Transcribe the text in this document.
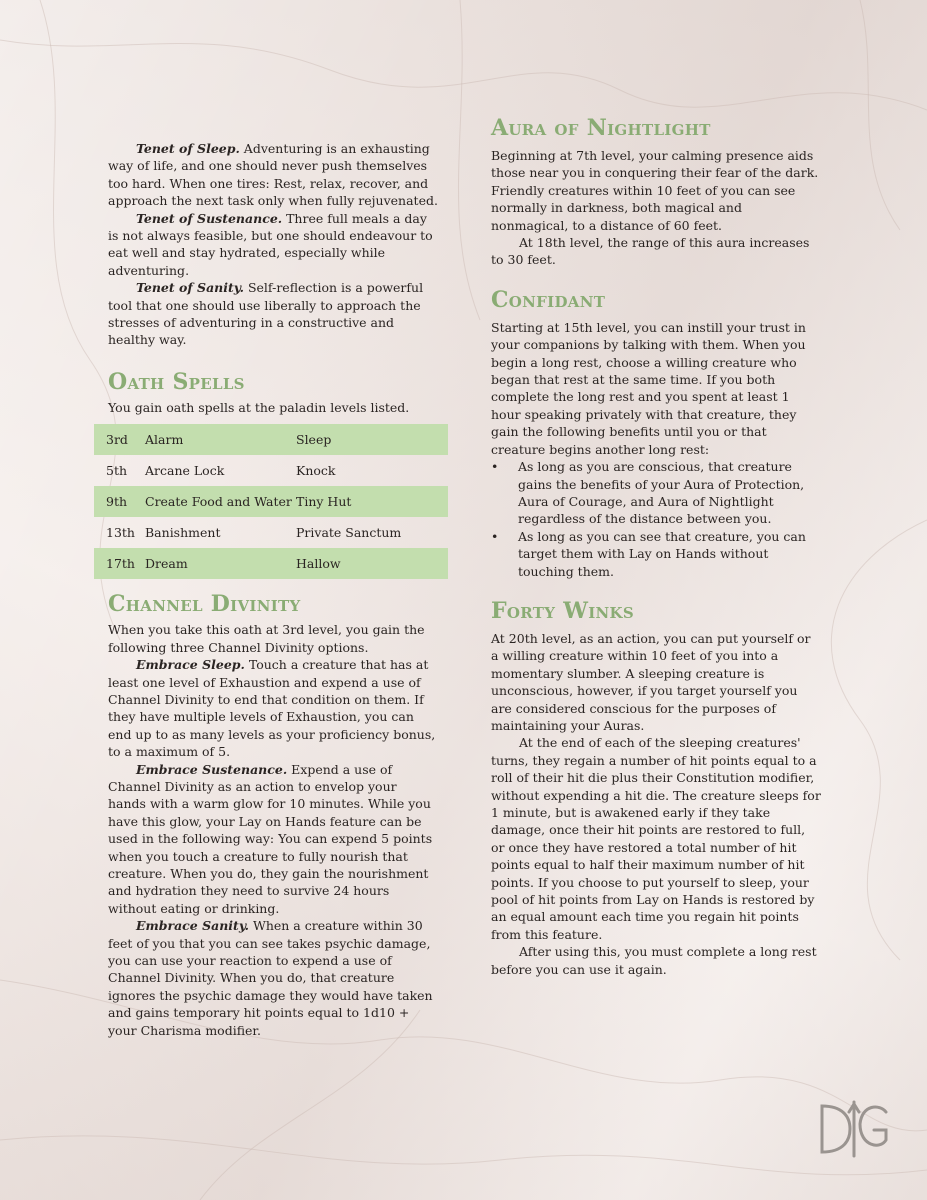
Tenet of Sleep. Adventuring is an exhausting way of life, and one should never push themselves too hard. When one tires: Rest, relax, recover, and approach the next task only when fully rejuvenated.

Tenet of Sustenance. Three full meals a day is not always feasible, but one should endeavour to eat well and stay hydrated, especially while adventuring.

Tenet of Sanity. Self-reflection is a powerful tool that one should use liberally to approach the stresses of adventuring in a constructive and healthy way.

Oath Spells

You gain oath spells at the paladin levels listed.

3rd	Alarm	Sleep
5th	Arcane Lock	Knock
9th	Create Food and Water	Tiny Hut
13th	Banishment	Private Sanctum
17th	Dream	Hallow
Channel Divinity

When you take this oath at 3rd level, you gain the following three Channel Divinity options.

Embrace Sleep. Touch a creature that has at least one level of Exhaustion and expend a use of Channel Divinity to end that condition on them. If they have multiple levels of Exhaustion, you can end up to as many levels as your proficiency bonus, to a maximum of 5.

Embrace Sustenance. Expend a use of Channel Divinity as an action to envelop your hands with a warm glow for 10 minutes. While you have this glow, your Lay on Hands feature can be used in the following way: You can expend 5 points when you touch a creature to fully nourish that creature. When you do, they gain the nourishment and hydration they need to survive 24 hours without eating or drinking.

Embrace Sanity. When a creature within 30 feet of you that you can see takes psychic damage, you can use your reaction to expend a use of Channel Divinity. When you do, that creature ignores the psychic damage they would have taken and gains temporary hit points equal to 1d10 + your Charisma modifier.

Aura of Nightlight

Beginning at 7th level, your calming presence aids those near you in conquering their fear of the dark. Friendly creatures within 10 feet of you can see normally in darkness, both magical and nonmagical, to a distance of 60 feet.

At 18th level, the range of this aura increases to 30 feet.

Confidant

Starting at 15th level, you can instill your trust in your companions by talking with them. When you begin a long rest, choose a willing creature who began that rest at the same time. If you both complete the long rest and you spent at least 1 hour speaking privately with that creature, they gain the following benefits until you or that creature begins another long rest:

• As long as you are conscious, that creature gains the benefits of your Aura of Protection, Aura of Courage, and Aura of Nightlight regardless of the distance between you.
• As long as you can see that creature, you can target them with Lay on Hands without touching them.
Forty Winks

At 20th level, as an action, you can put yourself or a willing creature within 10 feet of you into a momentary slumber. A sleeping creature is unconscious, however, if you target yourself you are considered conscious for the purposes of maintaining your Auras.

At the end of each of the sleeping creatures' turns, they regain a number of hit points equal to a roll of their hit die plus their Constitution modifier, without expending a hit die. The creature sleeps for 1 minute, but is awakened early if they take damage, once their hit points are restored to full, or once they have restored a total number of hit points equal to half their maximum number of hit points. If you choose to put yourself to sleep, your pool of hit points from Lay on Hands is restored by an equal amount each time you regain hit points from this feature.

After using this, you must complete a long rest before you can use it again.
